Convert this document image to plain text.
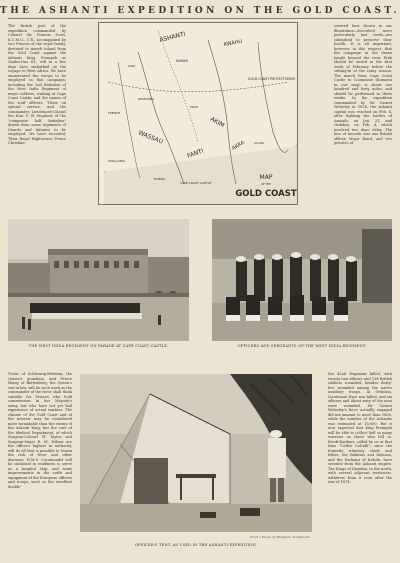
THE ASHANTI EXPEDITION ON THE GOLD COAST.
The British part of the expedition commanded by Colonel Sir Francis Scott, K.C.M.G., C.B., accompanied by two Princes of the royal family, destined to march inland from the Gold Coast against the Ashanti King, Prempeh or Quaku-Duo III., will in a few days have embarked on the voyage to West Africa. We have enumerated the troops to be employed in this campaign, including the 2nd Battalion of the West India Regiment of negro soldiers, waiting at Cape Coast Castle; and the names of the staff officers. These on special service, and the commander, Lieutenant-Colonel the Hon. F. W. Stopford, of the "composite half battalion" drawn from some regiments of Guards and Infantry to be employed. We have recorded, Their Royal Highnesses Prince Christian
ASHANTI	KWAHU
KUMASI
GWA
GOLD COAST PROTECTORATE
AKIM
WASSAU
FANTI
AKRA	ACCRA
CAPE COAST CASTLE
ELMINA
APOLLONIA
FRENCH
DENKYERA
PRAH
MAP
OF THE
GOLD COAST
covered best shown in our illustration—described more particularly last week—are submitted to preserve their health. It is all important, however, in this respect, that the campaign in the dense jungle beyond the river Prah should be ended in the first week of February before the setting-in of the rainy season. The march from Cape Coast Castle to Coomassie (Kumassi in our map) is about one hundred and forty miles, and should be performed in three weeks. In the expedition commanded by Sir Garnet Wolseley in 1874, the Ashanti capital was reached on Feb. 4, after fighting the battles of Amoafu, on Jan. 31, and Ordahsu, on Feb. 4, which involved two days' delay. The loss of Amoafu was one British officer, Major Baird, and two privates of
THE WEST INDIA REGIMENT ON PARADE AT CAPE COAST CASTLE.	OFFICERS AND SERGEANTS OF THE WEST INDIA REGIMENT.
Victor of Schleswig-Holstein, the Queen's grandson, and Prince Henry of Battenberg, the Queen's son-in-law, will do such work as the commander of the force shall think suitable for Princes who hold commissions in her Majesty's Army, but who have not yet had experience of actual warfare. The climate of the Gold Coast and of the interior may be considered more formidable than the enemy of the Ashanti King; but the care of the Medical Department, of which Surgeon-Colonel W. Taylor and Surgeon-Major R. M. Wilson are the officers highest in authority, will do all that is possible to lessen the risk of fever and other diseases; H.M.S. Coromandel will be stationed in readiness to serve as a hospital ship; and some improvements in the outfit and equipment of the European officers and troops, such as the excellent double-
OFFICER'S TENT, AS USED IN THE ASHANTI EXPEDITION.
From a Photo. by Bingham, Portsmouth
the 42nd Regiment killed, with twenty-one officers and 138 British soldiers wounded, besides thirty-five wounded among the native auxiliary troops. At Ordahsu, Lieutenant Eyre was killed, and six officers and about sixty of the men were wounded. Sir Garnet Wolseley's force actually engaged did not amount to more than 1800, while the number of the Ashantis was estimated at 15,000. But it now expected that King Prempeh will be able to collect half so many warriors as those who fell in. Kwofi-Karikari, called by us at that time "Coffee Calcalli"; since the formerly tributary chiefs and tribes, the Bekwais and Daboasi, and the Dadiansi of Kokofu, have seceded from the Ashanti empire. The Kings of Dyaukin, in the north, with several adjacent territories, withdrew from it even after the war of 1874.
